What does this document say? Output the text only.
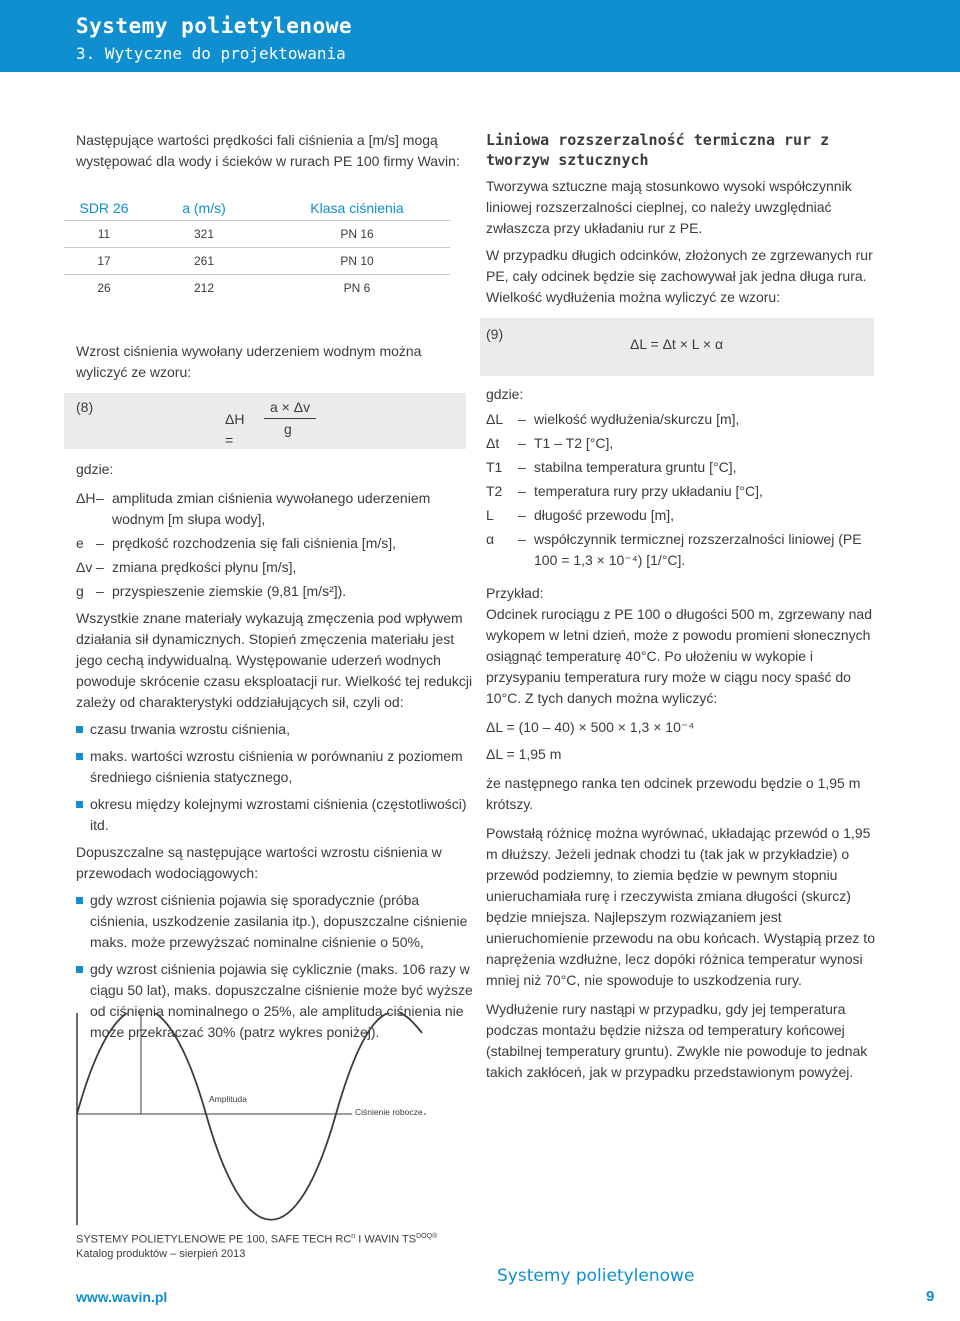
Systemy polietylenowe
3. Wytyczne do projektowania

Następujące wartości prędkości fali ciśnienia a [m/s] mogą występować dla wody i ścieków w rurach PE 100 firmy Wavin:

SDR 26	a (m/s)	Klasa ciśnienia
11	321	PN 16
17	261	PN 10
26	212	PN 6

Wzrost ciśnienia wywołany uderzeniem wodnym można wyliczyć ze wzoru:

(8)
ΔH =
a × Δv
g

gdzie:

ΔH – amplituda zmian ciśnienia wywołanego uderzeniem wodnym [m słupa wody],
e – prędkość rozchodzenia się fali ciśnienia [m/s],
Δv – zmiana prędkości płynu [m/s],
g – przyspieszenie ziemskie (9,81 [m/s²]).

Wszystkie znane materiały wykazują zmęczenia pod wpływem działania sił dynamicznych. Stopień zmęczenia materiału jest jego cechą indywidualną. Występowanie uderzeń wodnych powoduje skrócenie czasu eksploatacji rur. Wielkość tej redukcji zależy od charakterystyki oddziałujących sił, czyli od:

czasu trwania wzrostu ciśnienia,
maks. wartości wzrostu ciśnienia w porównaniu z poziomem średniego ciśnienia statycznego,
okresu między kolejnymi wzrostami ciśnienia (częstotliwości) itd.

Dopuszczalne są następujące wartości wzrostu ciśnienia w przewodach wodociągowych:

gdy wzrost ciśnienia pojawia się sporadycznie (próba ciśnienia, uszkodzenie zasilania itp.), dopuszczalne ciśnienie maks. może przewyższać nominalne ciśnienie o 50%,
gdy wzrost ciśnienia pojawia się cyklicznie (maks. 106 razy w ciągu 50 lat), maks. dopuszczalne ciśnienie może być wyższe od ciśnienia nominalnego o 25%, ale amplituda ciśnienia nie może przekraczać 30% (patrz wykres poniżej).
Amplituda
Ciśnienie robocze
Liniowa rozszerzalność termiczna rur z tworzyw sztucznych

Tworzywa sztuczne mają stosunkowo wysoki współczynnik liniowej rozszerzalności cieplnej, co należy uwzględniać zwłaszcza przy układaniu rur z PE.

W przypadku długich odcinków, złożonych ze zgrzewanych rur PE, cały odcinek będzie się zachowywał jak jedna długa rura. Wielkość wydłużenia można wyliczyć ze wzoru:

(9)
ΔL = Δt × L × α

gdzie:

ΔL	– wielkość wydłużenia/skurczu [m],
Δt	– T1 – T2 [°C],
T1	– stabilna temperatura gruntu [°C],
T2	– temperatura rury przy układaniu [°C],
L	– długość przewodu [m],
α	– współczynnik termicznej rozszerzalności liniowej (PE 100 = 1,3 × 10⁻⁴) [1/°C].

Przykład:

Odcinek rurociągu z PE 100 o długości 500 m, zgrzewany nad wykopem w letni dzień, może z powodu promieni słonecznych osiągnąć temperaturę 40°C. Po ułożeniu w wykopie i przysypaniu temperatura rury może w ciągu nocy spaść do 10°C. Z tych danych można wyliczyć:

ΔL = (10 – 40) × 500 × 1,3 × 10⁻⁴

ΔL = 1,95 m

że następnego ranka ten odcinek przewodu będzie o 1,95 m krótszy.

Powstałą różnicę można wyrównać, układając przewód o 1,95 m dłuższy. Jeżeli jednak chodzi tu (tak jak w przykładzie) o przewód podziemny, to ziemia będzie w pewnym stopniu unieruchamiała rurę i rzeczywista zmiana długości (skurcz) będzie mniejsza. Najlepszym rozwiązaniem jest unieruchomienie przewodu na obu końcach. Wystąpią przez to naprężenia wzdłużne, lecz dopóki różnica temperatur wynosi mniej niż 70°C, nie spowoduje to uszkodzenia rury.

Wydłużenie rury nastąpi w przypadku, gdy jej temperatura podczas montażu będzie niższa od temperatury końcowej (stabilnej temperatury gruntu). Zwykle nie powoduje to jednak takich zakłóceń, jak w przypadku przedstawionym powyżej.

SYSTEMY POLIETYLENOWE PE 100, SAFE TECH $RC^n$ I WAVIN $TS^{DOQ®}$
Katalog produktów – sierpień 2013
www.wavin.pl
Systemy polietylenowe
9
